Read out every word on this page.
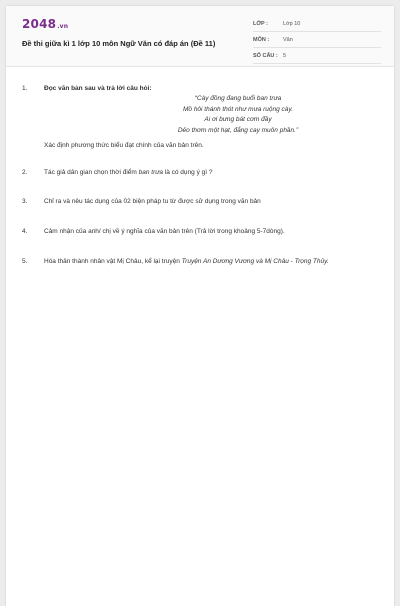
2048.vn
Đề thi giữa kì 1 lớp 10 môn Ngữ Văn có đáp án (Đề 11)
LỚP :	Lớp 10
MÔN :	Văn
SỐ CÂU : 5
1.	Đọc văn bản sau và trả lời câu hỏi:
“Cày đồng đang buổi ban trưa
Mồ hôi thánh thót như mưa ruộng cày.
Ai ơi bưng bát cơm đầy
Dẻo thơm một hạt, đắng cay muôn phần.”
Xác định phương thức biểu đạt chính của văn bản trên.
2.	Tác giả dân gian chọn thời điểm ban trưa là có dụng ý gì ?
3.	Chỉ ra và nêu tác dụng của 02 biện pháp tu từ được sử dụng trong văn bản
4.	Cảm nhận của anh/ chị về ý nghĩa của văn bản trên (Trả lời trong khoảng 5-7dòng).
5.	Hóa thân thành nhân vật Mị Châu, kể lại truyện Truyện An Dương Vương và Mị Châu - Trọng Thủy.
